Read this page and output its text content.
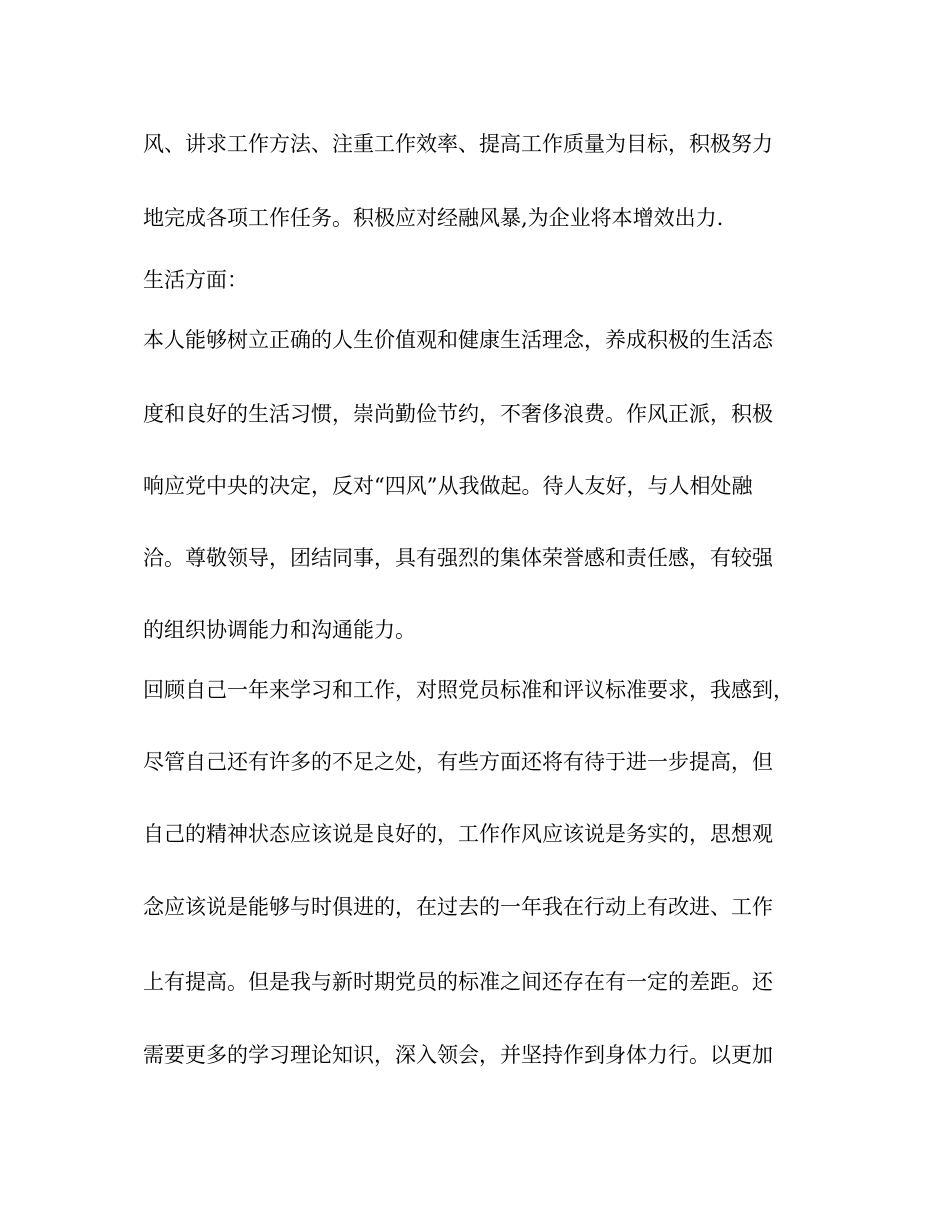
风、讲求工作方法、注重工作效率、提高工作质量为目标，积极努力
地完成各项工作任务。积极应对经融风暴,为企业将本增效出力.
生活方面：
本人能够树立正确的人生价值观和健康生活理念，养成积极的生活态
度和良好的生活习惯，崇尚勤俭节约，不奢侈浪费。作风正派，积极
响应党中央的决定，反对“四风”从我做起。待人友好，与人相处融
洽。尊敬领导，团结同事，具有强烈的集体荣誉感和责任感，有较强
的组织协调能力和沟通能力。
回顾自己一年来学习和工作，对照党员标准和评议标准要求，我感到，
尽管自己还有许多的不足之处，有些方面还将有待于进一步提高，但
自己的精神状态应该说是良好的，工作作风应该说是务实的，思想观
念应该说是能够与时俱进的，在过去的一年我在行动上有改进、工作
上有提高。但是我与新时期党员的标准之间还存在有一定的差距。还
需要更多的学习理论知识，深入领会，并坚持作到身体力行。以更加
